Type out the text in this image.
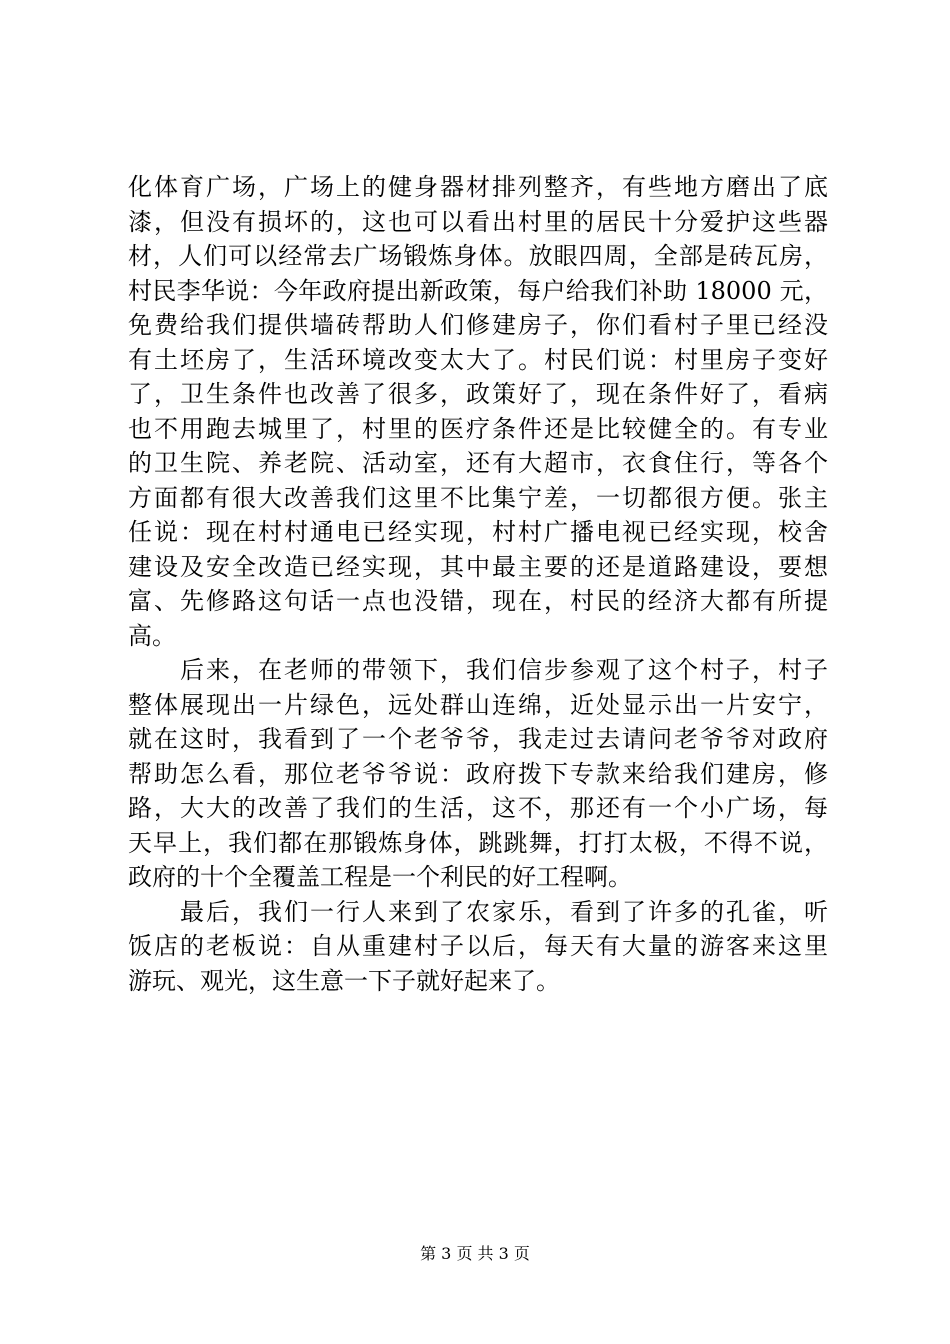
化体育广场，广场上的健身器材排列整齐，有些地方磨出了底
漆，但没有损坏的，这也可以看出村里的居民十分爱护这些器
材，人们可以经常去广场锻炼身体。放眼四周，全部是砖瓦房，
村民李华说：今年政府提出新政策，每户给我们补助 18000 元，
免费给我们提供墙砖帮助人们修建房子，你们看村子里已经没
有土坯房了，生活环境改变太大了。村民们说：村里房子变好
了，卫生条件也改善了很多，政策好了，现在条件好了，看病
也不用跑去城里了，村里的医疗条件还是比较健全的。有专业
的卫生院、养老院、活动室，还有大超市，衣食住行，等各个
方面都有很大改善我们这里不比集宁差，一切都很方便。张主
任说：现在村村通电已经实现，村村广播电视已经实现，校舍
建设及安全改造已经实现，其中最主要的还是道路建设，要想
富、先修路这句话一点也没错，现在，村民的经济大都有所提
高。
　　后来，在老师的带领下，我们信步参观了这个村子，村子
整体展现出一片绿色，远处群山连绵，近处显示出一片安宁，
就在这时，我看到了一个老爷爷，我走过去请问老爷爷对政府
帮助怎么看，那位老爷爷说：政府拨下专款来给我们建房，修
路，大大的改善了我们的生活，这不，那还有一个小广场，每
天早上，我们都在那锻炼身体，跳跳舞，打打太极，不得不说，
政府的十个全覆盖工程是一个利民的好工程啊。
　　最后，我们一行人来到了农家乐，看到了许多的孔雀，听
饭店的老板说：自从重建村子以后，每天有大量的游客来这里
游玩、观光，这生意一下子就好起来了。
第 3 页 共 3 页
